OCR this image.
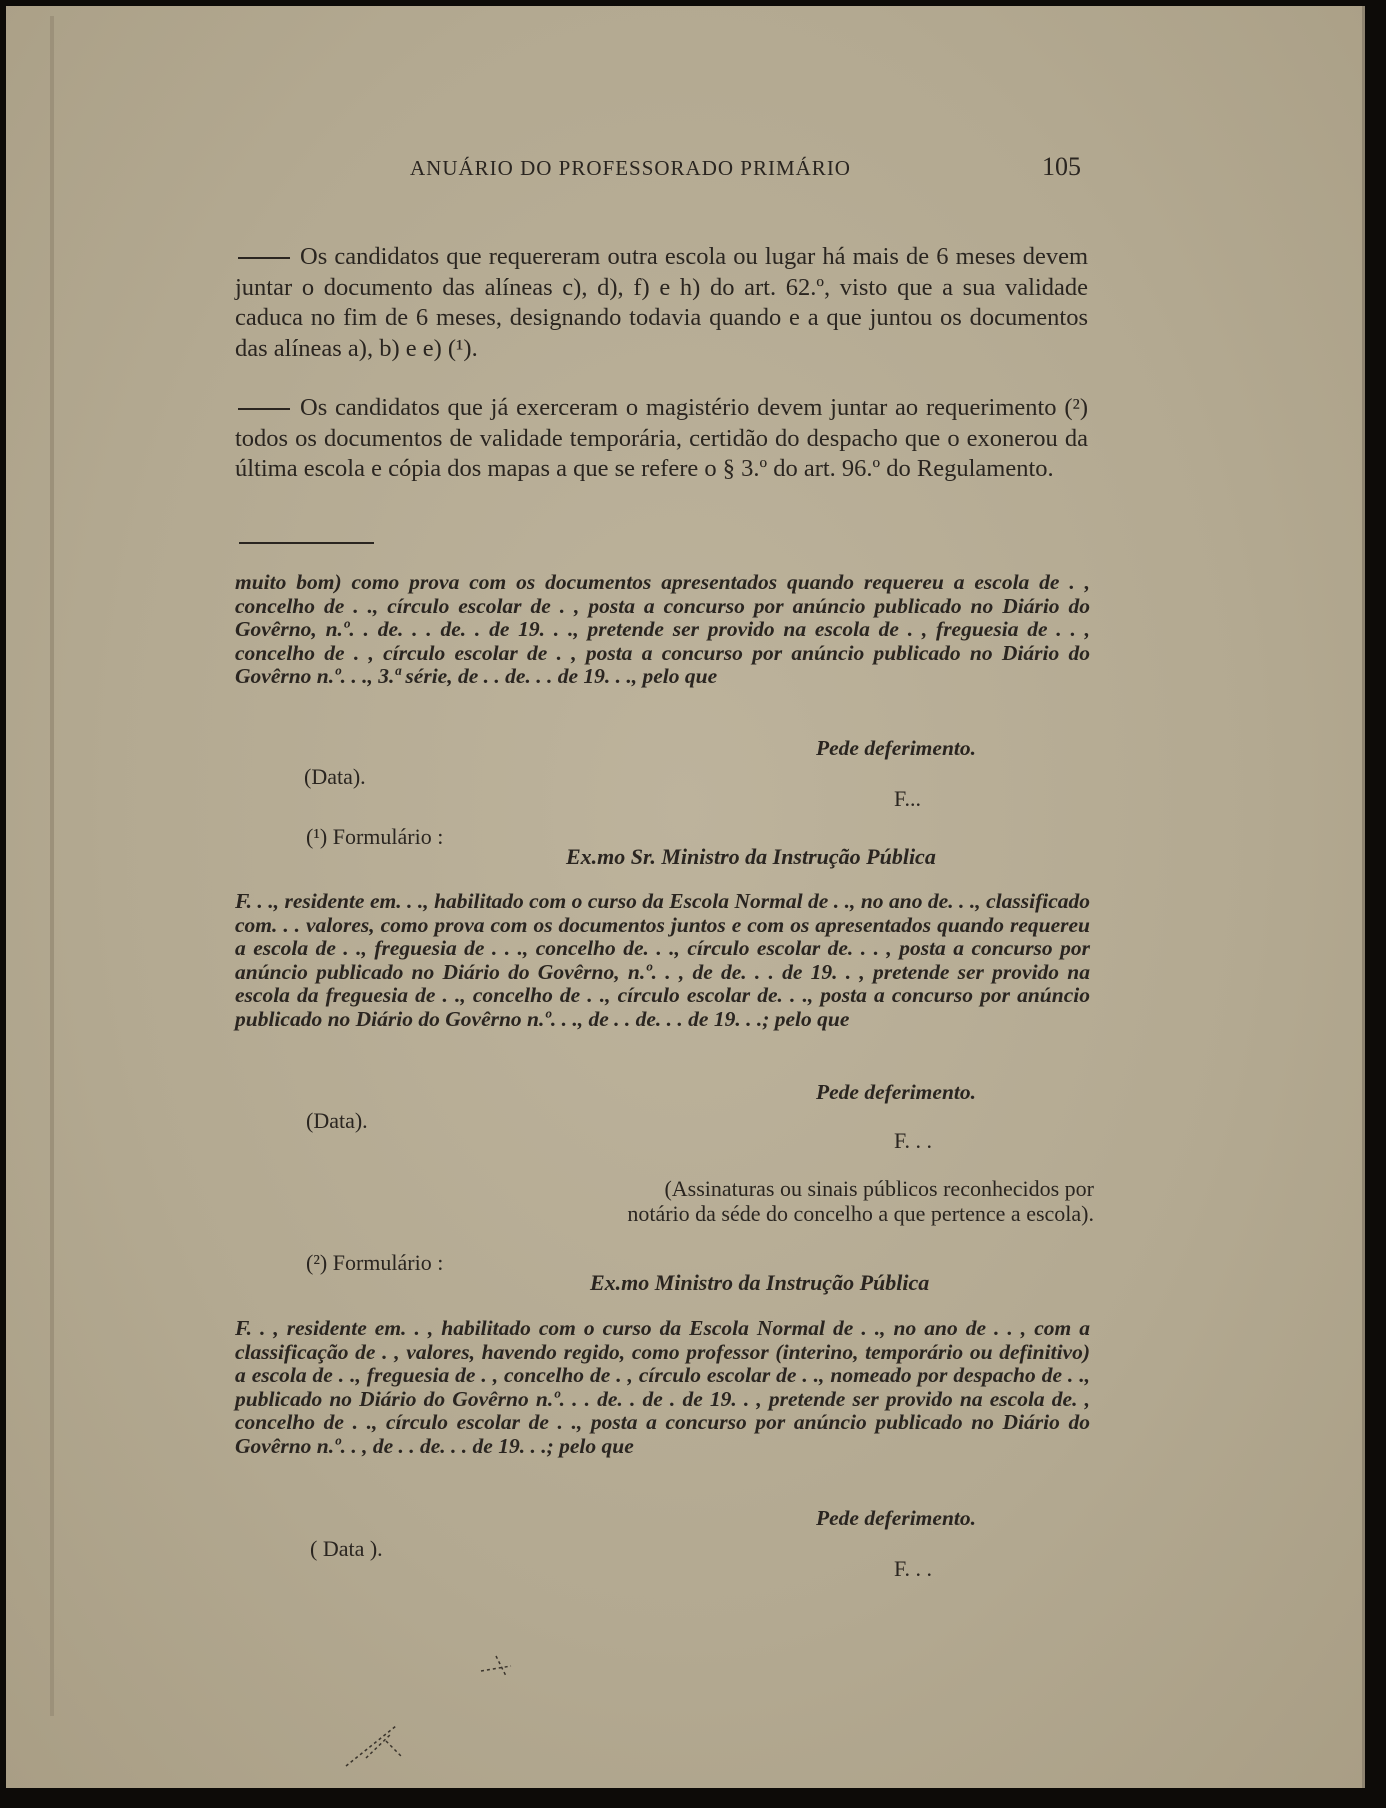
ANUÁRIO DO PROFESSORADO PRIMÁRIO	105
Os candidatos que requereram outra escola ou lugar há mais de 6 meses devem juntar o documento das alíneas c), d), f) e h) do art. 62.º, visto que a sua validade caduca no fim de 6 meses, designando todavia quando e a que juntou os documentos das alíneas a), b) e e) (¹).
Os candidatos que já exerceram o magistério devem juntar ao requerimento (²) todos os documentos de validade temporária, certidão do despacho que o exonerou da última escola e cópia dos mapas a que se refere o § 3.º do art. 96.º do Regulamento.
muito bom) como prova com os documentos apresentados quando requereu a escola de . , concelho de . ., círculo escolar de . , posta a concurso por anúncio publicado no Diário do Govêrno, n.º. . de. . . de. . de 19. . ., pretende ser provido na escola de . , freguesia de . . , concelho de . , círculo escolar de . , posta a concurso por anúncio publicado no Diário do Govêrno n.º. . ., 3.ª série, de . . de. . . de 19. . ., pelo que
Pede deferimento.
(Data).
F...
(¹) Formulário :
Ex.mo Sr. Ministro da Instrução Pública
F. . ., residente em. . ., habilitado com o curso da Escola Normal de . ., no ano de. . ., classificado com. . . valores, como prova com os documentos juntos e com os apresentados quando requereu a escola de . ., freguesia de . . ., concelho de. . ., círculo escolar de. . . , posta a concurso por anúncio publicado no Diário do Govêrno, n.º. . , de de. . . de 19. . , pretende ser provido na escola da freguesia de . ., concelho de . ., círculo escolar de. . ., posta a concurso por anúncio publicado no Diário do Govêrno n.º. . ., de . . de. . . de 19. . .; pelo que
Pede deferimento.
(Data).
F. . .
(Assinaturas ou sinais públicos reconhecidos por
notário da séde do concelho a que pertence a escola).
(²) Formulário :
Ex.mo Ministro da Instrução Pública
F. . , residente em. . , habilitado com o curso da Escola Normal de . ., no ano de . . , com a classificação de . , valores, havendo regido, como professor (interino, temporário ou definitivo) a escola de . ., freguesia de . , concelho de . , círculo escolar de . ., nomeado por despacho de . ., publicado no Diário do Govêrno n.º. . . de. . de . de 19. . , pretende ser provido na escola de. , concelho de . ., círculo escolar de . ., posta a concurso por anúncio publicado no Diário do Govêrno n.º. . , de . . de. . . de 19. . .; pelo que
Pede deferimento.
( Data ).
F. . .
